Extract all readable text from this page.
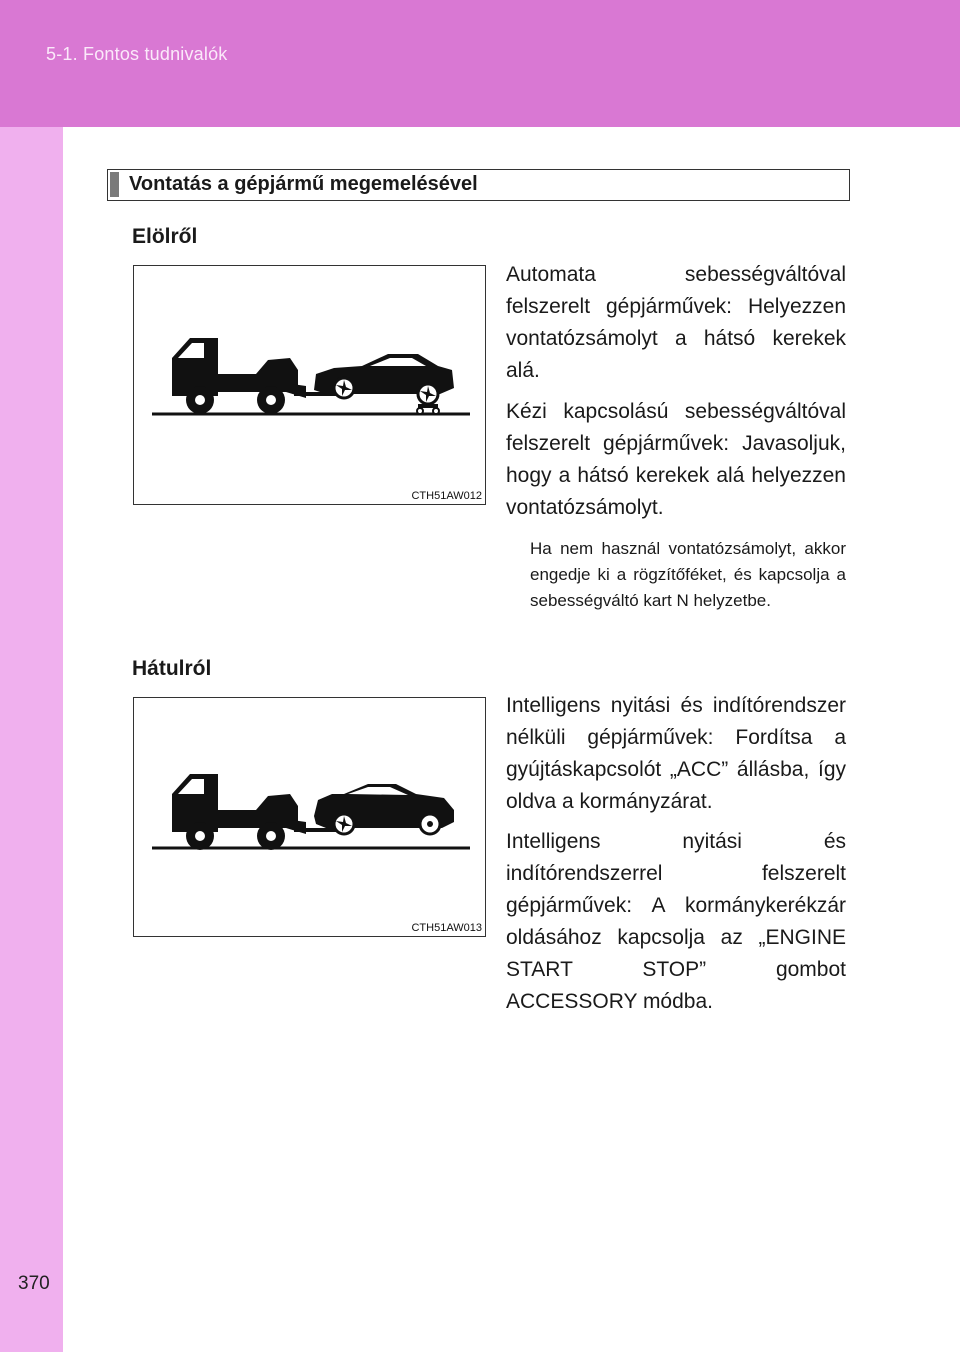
5-1. Fontos tudnivalók
370
Vontatás a gépjármű megemelésével
Elölről
CTH51AW012

Automata sebességváltóval felszerelt gépjárművek: Helyezzen vontatózsámolyt a hátsó kerekek alá.

Kézi kapcsolású sebességváltóval felszerelt gépjárművek: Javasoljuk, hogy a hátsó kerekek alá helyezzen vontatózsámolyt.

Ha nem használ vontatózsámolyt, akkor engedje ki a rögzítőféket, és kapcsolja a sebességváltó kart N helyzetbe.

Hátulról
CTH51AW013

Intelligens nyitási és indítórendszer nélküli gépjárművek: Fordítsa a gyújtáskapcsolót „ACC” állásba, így oldva a kormányzárat.

Intelligens nyitási és indítórendszerrel felszerelt gépjárművek: A kormánykerékzár oldásához kapcsolja az „ENGINE START STOP” gombot ACCESSORY módba.
